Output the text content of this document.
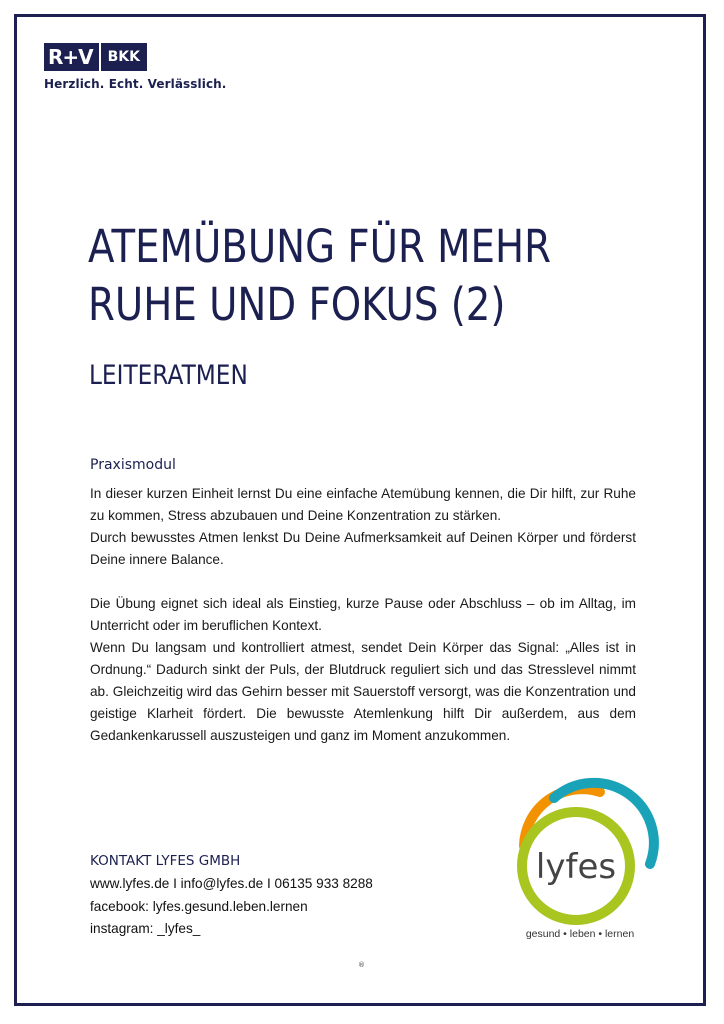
R+V	BKK
Herzlich. Echt. Verlässlich.
ATEMÜBUNG FÜR MEHR
RUHE UND FOKUS (2)
LEITERATMEN
Praxismodul

In dieser kurzen Einheit lernst Du eine einfache Atemübung kennen, die Dir hilft, zur Ruhe zu kommen, Stress abzubauen und Deine Konzentration zu stärken.

Durch bewusstes Atmen lenkst Du Deine Aufmerksamkeit auf Deinen Körper und förderst Deine innere Balance.

Die Übung eignet sich ideal als Einstieg, kurze Pause oder Abschluss – ob im Alltag, im Unterricht oder im beruflichen Kontext.

Wenn Du langsam und kontrolliert atmest, sendet Dein Körper das Signal: „Alles ist in Ordnung.“ Dadurch sinkt der Puls, der Blutdruck reguliert sich und das Stresslevel nimmt ab. Gleichzeitig wird das Gehirn besser mit Sauerstoff versorgt, was die Konzentration und geistige Klarheit fördert. Die bewusste Atemlenkung hilft Dir außerdem, aus dem Gedankenkarussell auszusteigen und ganz im Moment anzukommen.

KONTAKT LYFES GMBH
www.lyfes.de I info@lyfes.de I 06135 933 8288
facebook: lyfes.gesund.leben.lernen
instagram: _lyfes_
lyfes
gesund • leben • lernen
®
